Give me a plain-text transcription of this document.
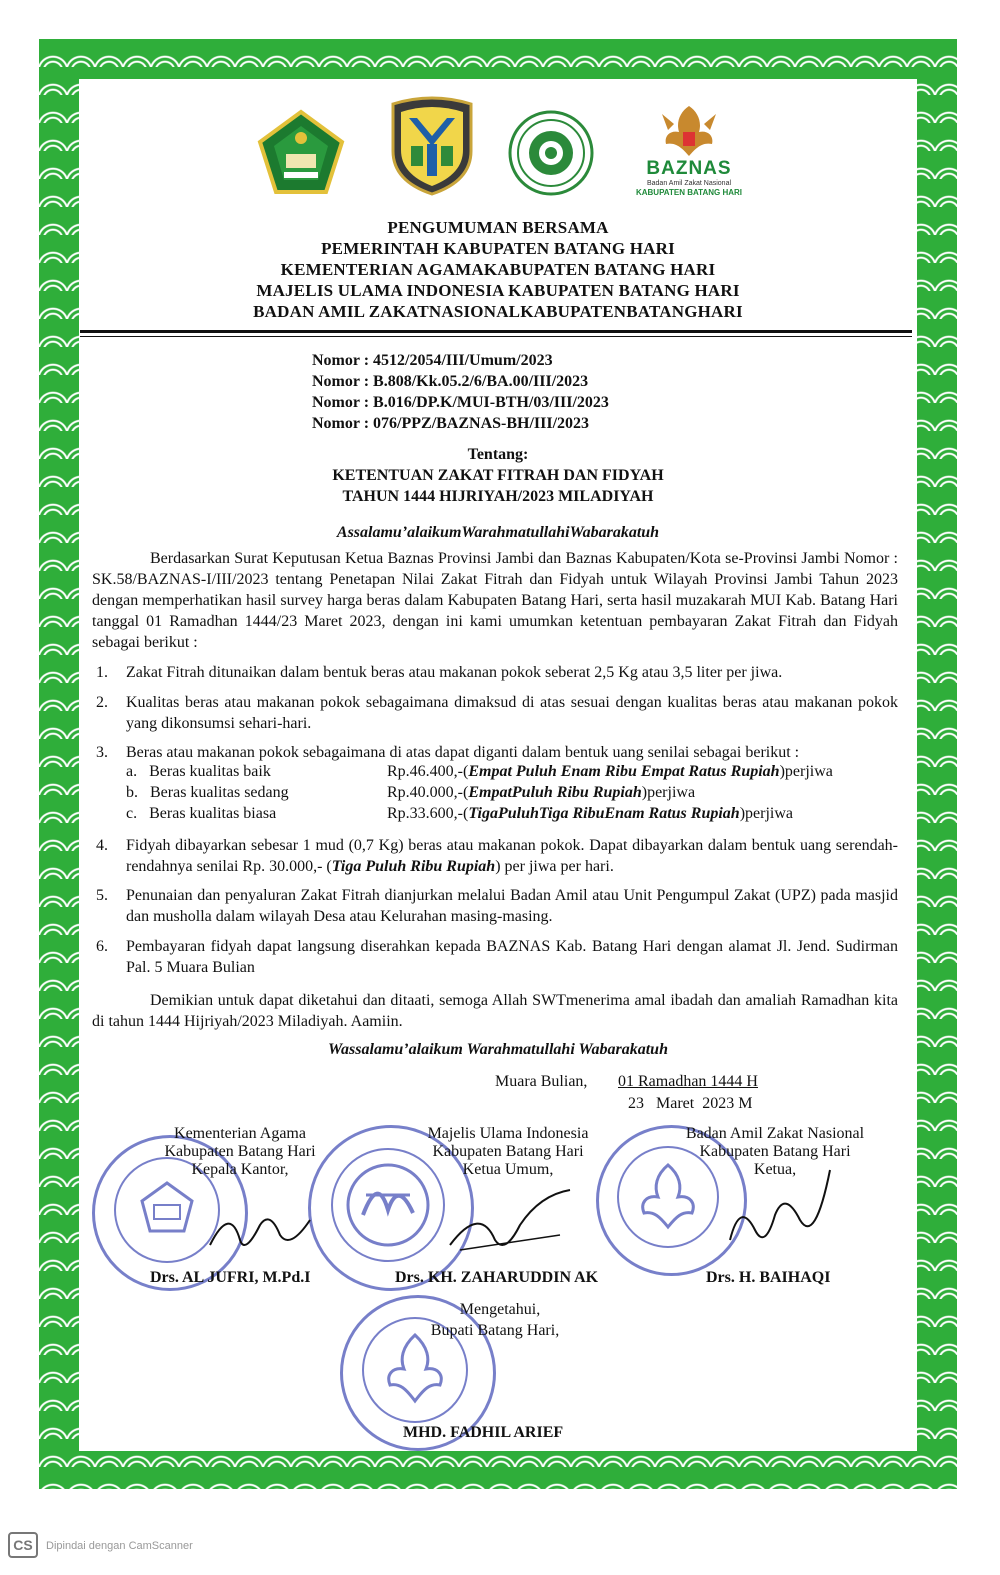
BAZNAS
Badan Amil Zakat Nasional
KABUPATEN BATANG HARI
PENGUMUMAN BERSAMA
PEMERINTAH KABUPATEN BATANG HARI
KEMENTERIAN AGAMAKABUPATEN BATANG HARI
MAJELIS ULAMA INDONESIA KABUPATEN BATANG HARI
BADAN AMIL ZAKATNASIONALKABUPATENBATANGHARI
Nomor : 4512/2054/III/Umum/2023
Nomor : B.808/Kk.05.2/6/BA.00/III/2023
Nomor : B.016/DP.K/MUI-BTH/03/III/2023
Nomor : 076/PPZ/BAZNAS-BH/III/2023
Tentang:
KETENTUAN ZAKAT FITRAH DAN FIDYAH
TAHUN 1444 HIJRIYAH/2023 MILADIYAH
Assalamu’alaikumWarahmatullahiWabarakatuh
Berdasarkan Surat Keputusan Ketua Baznas Provinsi Jambi dan Baznas Kabupaten/Kota se-Provinsi Jambi Nomor : SK.58/BAZNAS-I/III/2023 tentang Penetapan Nilai Zakat Fitrah dan Fidyah untuk Wilayah Provinsi Jambi Tahun 2023 dengan memperhatikan hasil survey harga beras dalam Kabupaten Batang Hari, serta hasil muzakarah MUI Kab. Batang Hari tanggal 01 Ramadhan 1444/23 Maret 2023, dengan ini kami umumkan ketentuan pembayaran Zakat Fitrah dan Fidyah sebagai berikut :
1. Zakat Fitrah ditunaikan dalam bentuk beras atau makanan pokok seberat 2,5 Kg atau 3,5 liter per jiwa.
2. Kualitas beras atau makanan pokok sebagaimana dimaksud di atas sesuai dengan kualitas beras atau makanan pokok yang dikonsumsi sehari-hari.
3. Beras atau makanan pokok sebagaimana di atas dapat diganti dalam bentuk uang senilai sebagai berikut :
a. Beras kualitas baik	Rp.46.400,-(Empat Puluh Enam Ribu Empat Ratus Rupiah)perjiwa
b. Beras kualitas sedang	Rp.40.000,-(EmpatPuluh Ribu Rupiah)perjiwa
c. Beras kualitas biasa	Rp.33.600,-(TigaPuluhTiga RibuEnam Ratus Rupiah)perjiwa
4. Fidyah dibayarkan sebesar 1 mud (0,7 Kg) beras atau makanan pokok. Dapat dibayarkan dalam bentuk uang serendah-rendahnya senilai Rp. 30.000,- (Tiga Puluh Ribu Rupiah) per jiwa per hari.
5. Penunaian dan penyaluran Zakat Fitrah dianjurkan melalui Badan Amil atau Unit Pengumpul Zakat (UPZ) pada masjid dan musholla dalam wilayah Desa atau Kelurahan masing-masing.
6. Pembayaran fidyah dapat langsung diserahkan kepada BAZNAS Kab. Batang Hari dengan alamat Jl. Jend. Sudirman Pal. 5 Muara Bulian
Demikian untuk dapat diketahui dan ditaati, semoga Allah SWTmenerima amal ibadah dan amaliah Ramadhan kita di tahun 1444 Hijriyah/2023 Miladiyah. Aamiin.
Wassalamu’alaikum Warahmatullahi Wabarakatuh
Muara Bulian, 01 Ramadhan 1444 H
23   Maret  2023 M
Kementerian Agama
Kabupaten Batang Hari
Kepala Kantor,
Majelis Ulama Indonesia
Kabupaten Batang Hari
Ketua Umum,
Badan Amil Zakat Nasional
Kabupaten Batang Hari
Ketua,
Drs. AL JUFRI, M.Pd.I	Drs. KH. ZAHARUDDIN AK	Drs. H. BAIHAQI
Mengetahui,
Bupati Batang Hari,
MHD. FADHIL ARIEF
CS Dipindai dengan CamScanner
